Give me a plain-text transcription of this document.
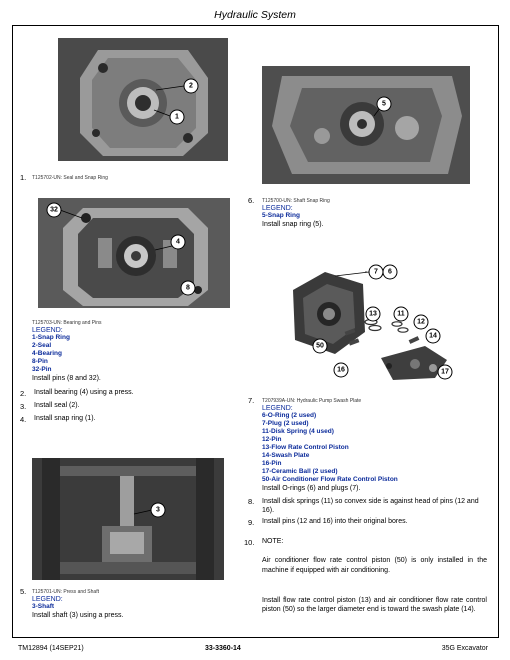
Hydraulic System
2
1
1. T125702-UN: Seal and Snap Ring
32
4
8
T125703-UN: Bearing and Pins
LEGEND:
1-Snap Ring
2-Seal
4-Bearing
8-Pin
32-Pin
Install pins (8 and 32).
2. Install bearing (4) using a press.
3. Install seal (2).
4. Install snap ring (1).
3
5. T125701-UN: Press and Shaft
LEGEND:
3-Shaft
Install shaft (3) using a press.
5
6. T125700-UN: Shaft Snap Ring
LEGEND:
5-Snap Ring
Install snap ring (5).
7 6
13	11
12
14
50
16	17
7. T207939A-UN: Hydraulic Pump Swash Plate
LEGEND:
6-O-Ring (2 used)
7-Plug (2 used)
11-Disk Spring (4 used)
12-Pin
13-Flow Rate Control Piston
14-Swash Plate
16-Pin
17-Ceramic Ball (2 used)
50-Air Conditioner Flow Rate Control Piston
Install O-rings (6) and plugs (7).
8. Install disk springs (11) so convex side is against head of pins (12 and 16).
9. Install pins (12 and 16) into their original bores.
10. NOTE:
Air conditioner flow rate control piston (50) is only installed in the machine if equipped with air conditioning.
Install flow rate control piston (13) and air conditioner flow rate control piston (50) so the larger diameter end is toward the swash plate (14).
TM12894 (14SEP21)	33-3360-14	35G Excavator
